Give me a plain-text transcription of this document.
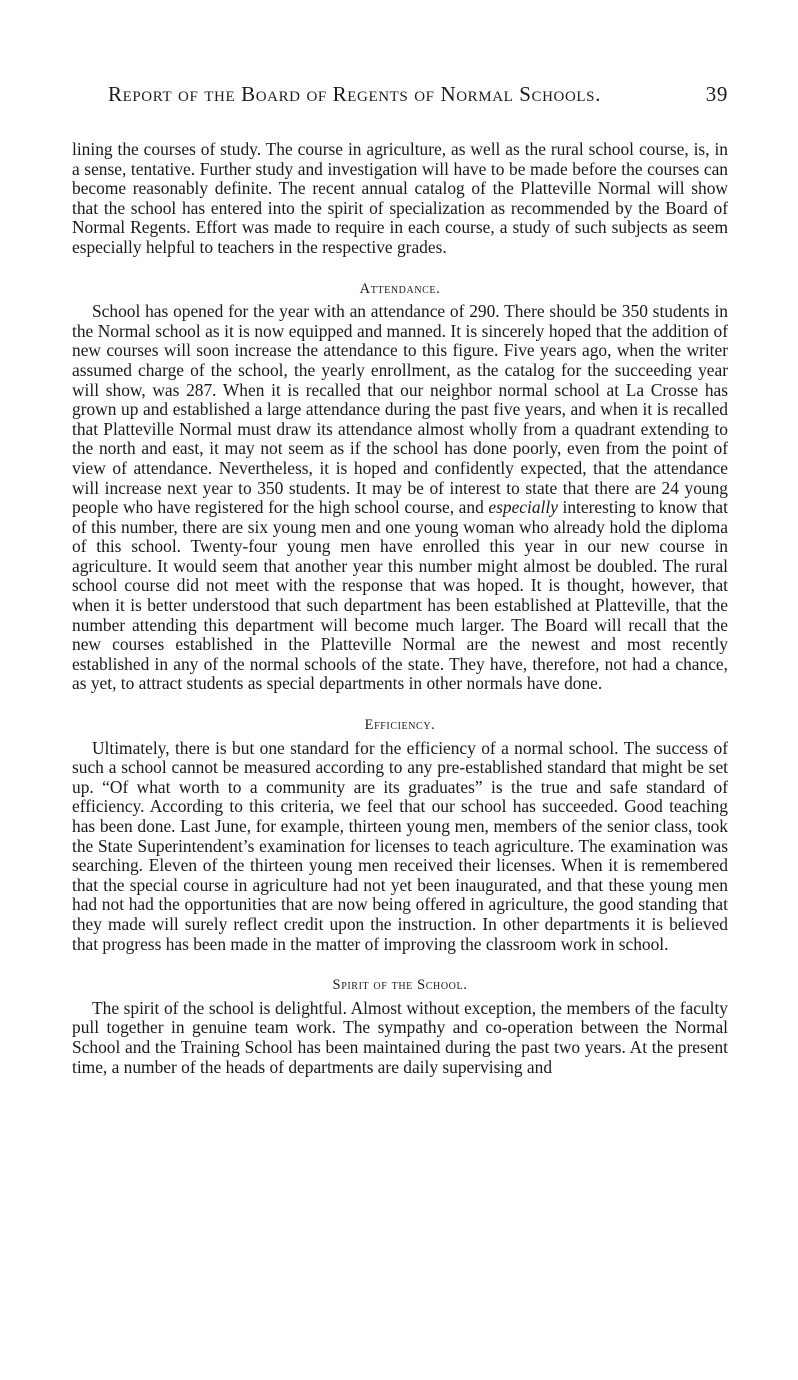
Report of the Board of Regents of Normal Schools.	39

lining the courses of study. The course in agriculture, as well as the rural school course, is, in a sense, tentative. Further study and investigation will have to be made before the courses can become reasonably definite. The recent annual catalog of the Platteville Normal will show that the school has entered into the spirit of specialization as recommended by the Board of Normal Regents. Effort was made to require in each course, a study of such subjects as seem especially helpful to teachers in the respective grades.

Attendance.

School has opened for the year with an attendance of 290. There should be 350 students in the Normal school as it is now equipped and manned. It is sincerely hoped that the addition of new courses will soon increase the attendance to this figure. Five years ago, when the writer assumed charge of the school, the yearly enrollment, as the catalog for the succeeding year will show, was 287. When it is recalled that our neighbor normal school at La Crosse has grown up and established a large attendance during the past five years, and when it is recalled that Platteville Normal must draw its attendance almost wholly from a quadrant extending to the north and east, it may not seem as if the school has done poorly, even from the point of view of attendance. Nevertheless, it is hoped and confidently expected, that the attendance will increase next year to 350 students. It may be of interest to state that there are 24 young people who have registered for the high school course, and especially interesting to know that of this number, there are six young men and one young woman who already hold the diploma of this school. Twenty-four young men have enrolled this year in our new course in agriculture. It would seem that another year this number might almost be doubled. The rural school course did not meet with the response that was hoped. It is thought, however, that when it is better understood that such department has been established at Platteville, that the number attending this department will become much larger. The Board will recall that the new courses established in the Platteville Normal are the newest and most recently established in any of the normal schools of the state. They have, therefore, not had a chance, as yet, to attract students as special departments in other normals have done.

Efficiency.

Ultimately, there is but one standard for the efficiency of a normal school. The success of such a school cannot be measured according to any pre-established standard that might be set up. “Of what worth to a community are its graduates” is the true and safe standard of efficiency. According to this criteria, we feel that our school has succeeded. Good teaching has been done. Last June, for example, thirteen young men, members of the senior class, took the State Superintendent’s examination for licenses to teach agriculture. The examination was searching. Eleven of the thirteen young men received their licenses. When it is remembered that the special course in agriculture had not yet been inaugurated, and that these young men had not had the opportunities that are now being offered in agriculture, the good standing that they made will surely reflect credit upon the instruction. In other departments it is believed that progress has been made in the matter of improving the classroom work in school.

Spirit of the School.

The spirit of the school is delightful. Almost without exception, the members of the faculty pull together in genuine team work. The sympathy and co-operation between the Normal School and the Training School has been maintained during the past two years. At the present time, a number of the heads of departments are daily supervising and
